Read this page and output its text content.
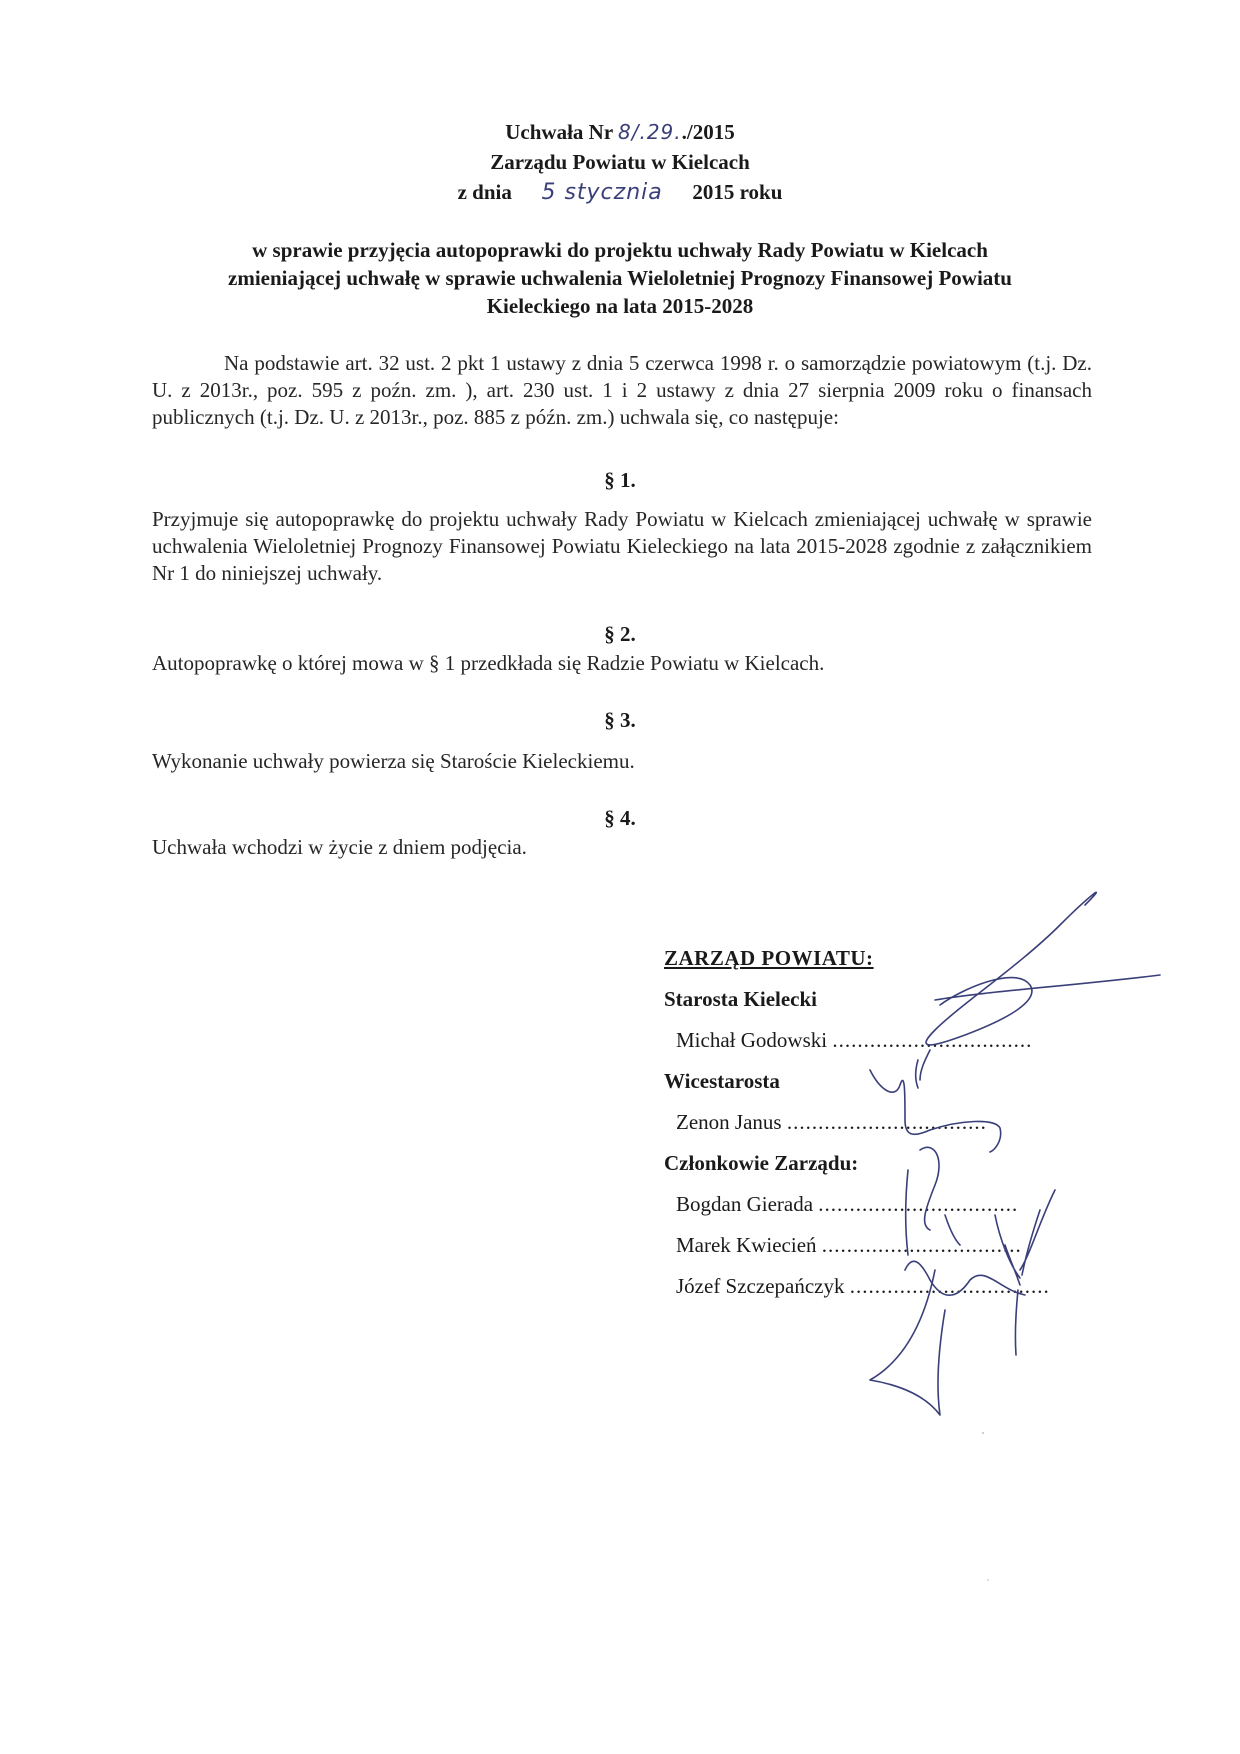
Uchwała Nr 8/.29../2015
Zarządu Powiatu w Kielcach
z dnia 5 stycznia 2015 roku
w sprawie przyjęcia autopoprawki do projektu uchwały Rady Powiatu w Kielcach
zmieniającej uchwałę w sprawie uchwalenia Wieloletniej Prognozy Finansowej Powiatu
Kieleckiego na lata 2015-2028
Na podstawie art. 32 ust. 2 pkt 1 ustawy z dnia 5 czerwca 1998 r. o samorządzie powiatowym (t.j. Dz. U. z 2013r., poz. 595 z poźn. zm. ), art. 230 ust. 1 i 2 ustawy z dnia 27 sierpnia 2009 roku o finansach publicznych (t.j. Dz. U. z 2013r., poz. 885 z późn. zm.) uchwala się, co następuje:
§ 1.
Przyjmuje się autopoprawkę do projektu uchwały Rady Powiatu w Kielcach zmieniającej uchwałę w sprawie uchwalenia Wieloletniej Prognozy Finansowej Powiatu Kieleckiego na lata 2015-2028 zgodnie z załącznikiem Nr 1 do niniejszej uchwały.
§ 2.
Autopoprawkę o której mowa w § 1 przedkłada się Radzie Powiatu w Kielcach.
§ 3.
Wykonanie uchwały powierza się Staroście Kieleckiemu.
§ 4.
Uchwała wchodzi w życie z dniem podjęcia.
ZARZĄD POWIATU:
Starosta Kielecki
Michał Godowski ................................
Wicestarosta
Zenon Janus ................................
Członkowie Zarządu:
Bogdan Gierada ................................
Marek Kwiecień ................................
Józef Szczepańczyk ................................
